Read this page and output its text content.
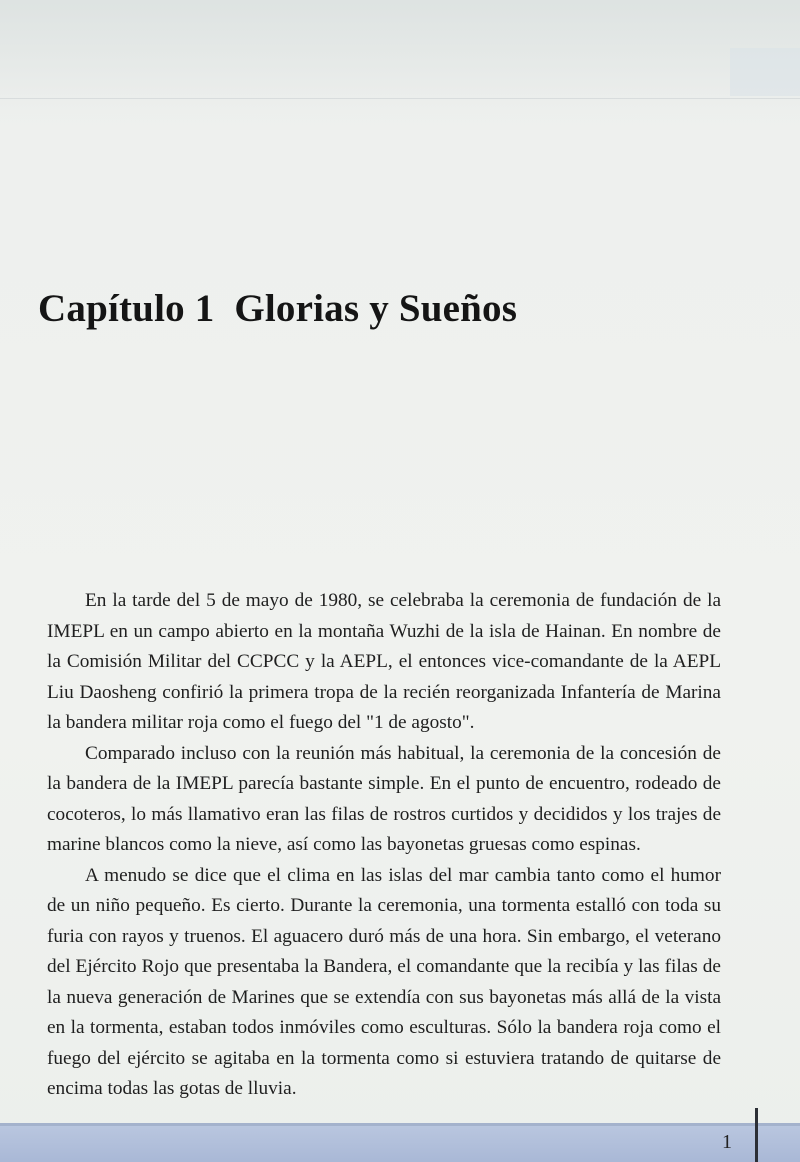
Capítulo 1  Glorias y Sueños

En la tarde del 5 de mayo de 1980, se celebraba la ceremonia de fundación de la IMEPL en un campo abierto en la montaña Wuzhi de la isla de Hainan. En nombre de la Comisión Militar del CCPCC y la AEPL, el entonces vice-comandante de la AEPL Liu Daosheng confirió la primera tropa de la recién reorganizada Infantería de Marina la bandera militar roja como el fuego del "1 de agosto".

Comparado incluso con la reunión más habitual, la ceremonia de la concesión de la bandera de la IMEPL parecía bastante simple. En el punto de encuentro, rodeado de cocoteros, lo más llamativo eran las filas de rostros curtidos y decididos y los trajes de marine blancos como la nieve, así como las bayonetas gruesas como espinas.

A menudo se dice que el clima en las islas del mar cambia tanto como el humor de un niño pequeño. Es cierto. Durante la ceremonia, una tormenta estalló con toda su furia con rayos y truenos. El aguacero duró más de una hora. Sin embargo, el veterano del Ejército Rojo que presentaba la Bandera, el comandante que la recibía y las filas de la nueva generación de Marines que se extendía con sus bayonetas más allá de la vista en la tormenta, estaban todos inmóviles como esculturas. Sólo la bandera roja como el fuego del ejército se agitaba en la tormenta como si estuviera tratando de quitarse de encima todas las gotas de lluvia.

1
